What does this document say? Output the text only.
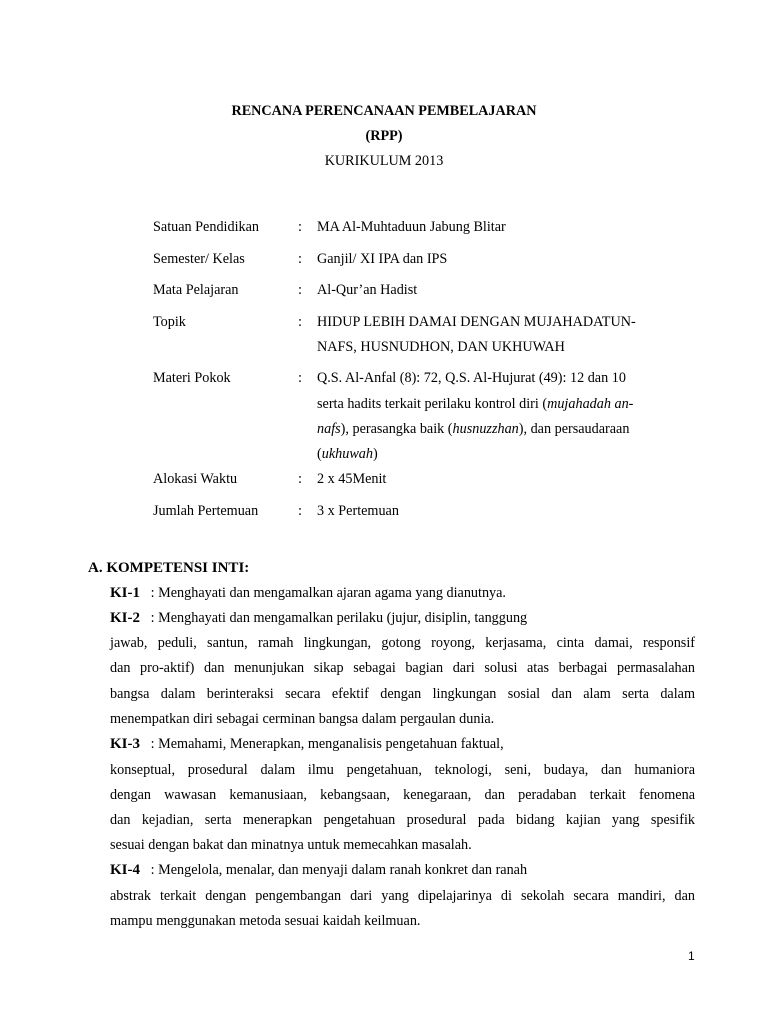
RENCANA PERENCANAAN PEMBELAJARAN
(RPP)
KURIKULUM 2013
Satuan Pendidikan	: MA Al-Muhtaduun Jabung Blitar
Semester/ Kelas	: Ganjil/ XI IPA dan IPS
Mata Pelajaran	: Al-Qur’an Hadist
Topik	: HIDUP LEBIH DAMAI DENGAN MUJAHADATUN-
NAFS, HUSNUDHON, DAN UKHUWAH
Materi Pokok	: Q.S. Al-Anfal (8): 72, Q.S. Al-Hujurat (49): 12 dan 10
serta hadits terkait perilaku kontrol diri (mujahadah an-
nafs), perasangka baik (husnuzzhan), dan persaudaraan
(ukhuwah)
Alokasi Waktu	: 2 x 45Menit
Jumlah Pertemuan	: 3 x Pertemuan
A. KOMPETENSI INTI:
KI-1 : Menghayati dan mengamalkan ajaran agama yang dianutnya.
KI-2 : Menghayati dan mengamalkan perilaku (jujur, disiplin, tanggung
jawab, peduli, santun, ramah lingkungan, gotong royong, kerjasama, cinta damai, responsif
dan pro-aktif) dan menunjukan sikap sebagai bagian dari solusi atas berbagai permasalahan
bangsa dalam berinteraksi secara efektif dengan lingkungan sosial dan alam serta dalam
menempatkan diri sebagai cerminan bangsa dalam pergaulan dunia.
KI-3 : Memahami, Menerapkan, menganalisis pengetahuan faktual,
konseptual, prosedural dalam ilmu pengetahuan, teknologi, seni, budaya, dan humaniora
dengan wawasan kemanusiaan, kebangsaan, kenegaraan, dan peradaban terkait fenomena
dan kejadian, serta menerapkan pengetahuan prosedural pada bidang kajian yang spesifik
sesuai dengan bakat dan minatnya untuk memecahkan masalah.
KI-4 : Mengelola, menalar, dan menyaji dalam ranah konkret dan ranah
abstrak terkait dengan pengembangan dari yang dipelajarinya di sekolah secara mandiri, dan
mampu menggunakan metoda sesuai kaidah keilmuan.
1
